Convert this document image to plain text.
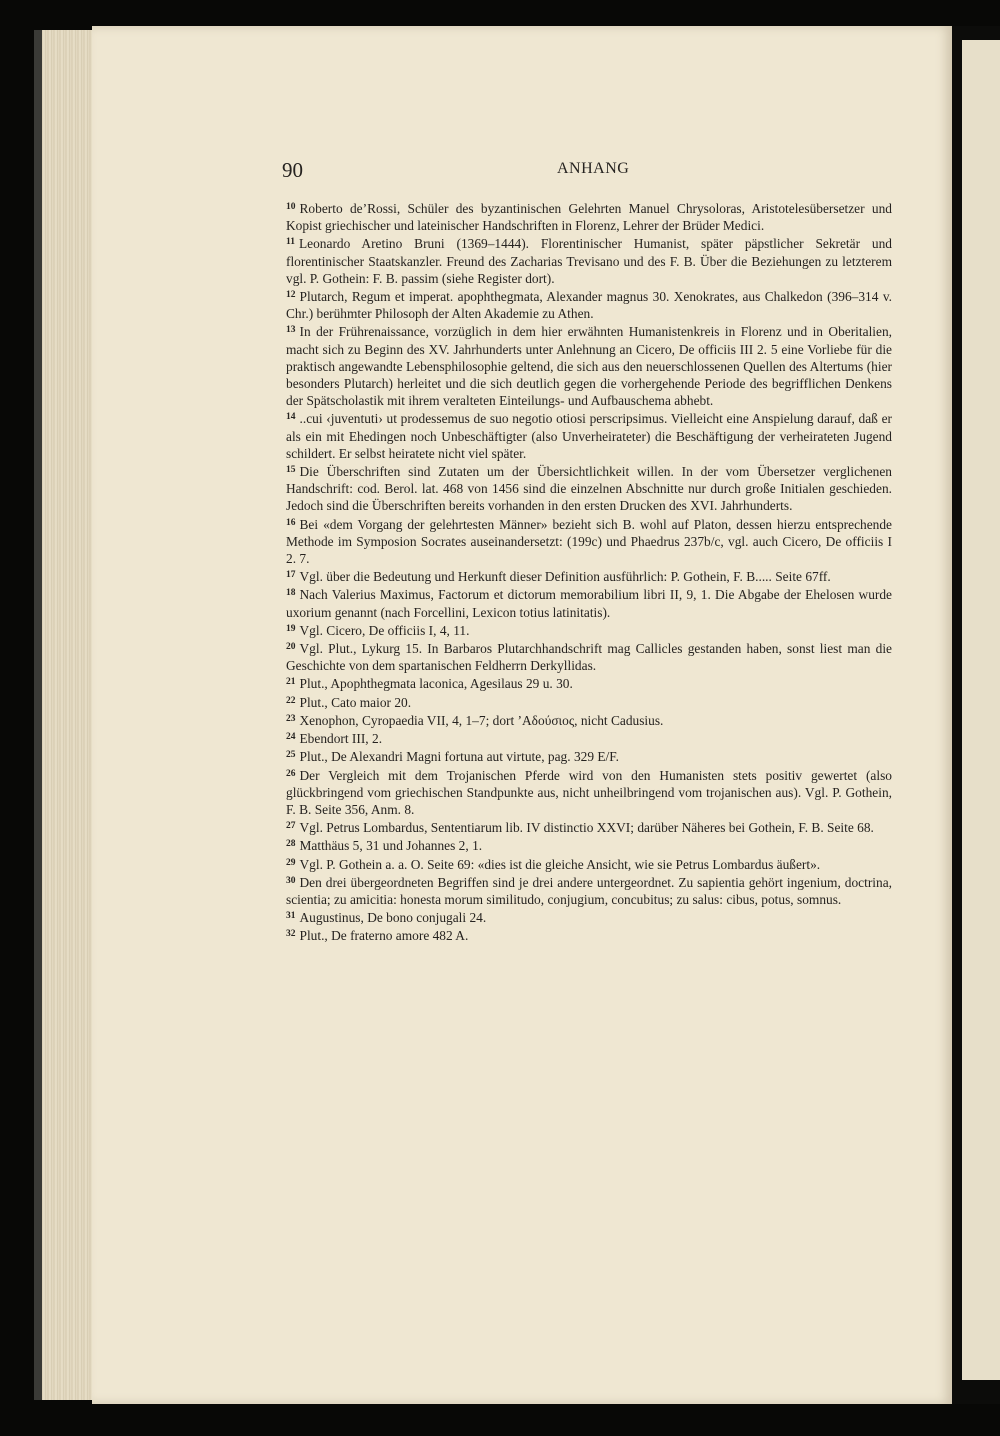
90	ANHANG

$^{10}$ Roberto de’Rossi, Schüler des byzantinischen Gelehrten Manuel Chrysoloras, Aristotelesübersetzer und Kopist griechischer und lateinischer Handschriften in Florenz, Lehrer der Brüder Medici.

$^{11}$ Leonardo Aretino Bruni (1369–1444). Florentinischer Humanist, später päpstlicher Sekretär und florentinischer Staatskanzler. Freund des Zacharias Trevisano und des F. B. Über die Beziehungen zu letzterem vgl. P. Gothein: F. B. passim (siehe Register dort).

$^{12}$ Plutarch, Regum et imperat. apophthegmata, Alexander magnus 30. Xenokrates, aus Chalkedon (396–314 v. Chr.) berühmter Philosoph der Alten Akademie zu Athen.

$^{13}$ In der Frührenaissance, vorzüglich in dem hier erwähnten Humanistenkreis in Florenz und in Oberitalien, macht sich zu Beginn des XV. Jahrhunderts unter Anlehnung an Cicero, De officiis III 2. 5 eine Vorliebe für die praktisch angewandte Lebensphilosophie geltend, die sich aus den neuerschlossenen Quellen des Altertums (hier besonders Plutarch) herleitet und die sich deutlich gegen die vorhergehende Periode des begrifflichen Denkens der Spätscholastik mit ihrem veralteten Einteilungs- und Aufbauschema abhebt.

$^{14}$ ..cui ‹juventuti› ut prodessemus de suo negotio otiosi perscripsimus. Vielleicht eine Anspielung darauf, daß er als ein mit Ehedingen noch Unbeschäftigter (also Unverheirateter) die Beschäftigung der verheirateten Jugend schildert. Er selbst heiratete nicht viel später.

$^{15}$ Die Überschriften sind Zutaten um der Übersichtlichkeit willen. In der vom Übersetzer verglichenen Handschrift: cod. Berol. lat. 468 von 1456 sind die einzelnen Abschnitte nur durch große Initialen geschieden. Jedoch sind die Überschriften bereits vorhanden in den ersten Drucken des XVI. Jahrhunderts.

$^{16}$ Bei «dem Vorgang der gelehrtesten Männer» bezieht sich B. wohl auf Platon, dessen hierzu entsprechende Methode im Symposion Socrates auseinandersetzt: (199c) und Phaedrus 237b/c, vgl. auch Cicero, De officiis I 2. 7.

$^{17}$ Vgl. über die Bedeutung und Herkunft dieser Definition ausführlich: P. Gothein, F. B..... Seite 67ff.

$^{18}$ Nach Valerius Maximus, Factorum et dictorum memorabilium libri II, 9, 1. Die Abgabe der Ehelosen wurde uxorium genannt (nach Forcellini, Lexicon totius latinitatis).

$^{19}$ Vgl. Cicero, De officiis I, 4, 11.

$^{20}$ Vgl. Plut., Lykurg 15. In Barbaros Plutarchhandschrift mag Callicles gestanden haben, sonst liest man die Geschichte von dem spartanischen Feldherrn Derkyllidas.

$^{21}$ Plut., Apophthegmata laconica, Agesilaus 29 u. 30.

$^{22}$ Plut., Cato maior 20.

$^{23}$ Xenophon, Cyropaedia VII, 4, 1–7; dort ’Αδούσιος, nicht Cadusius.

$^{24}$ Ebendort III, 2.

$^{25}$ Plut., De Alexandri Magni fortuna aut virtute, pag. 329 E/F.

$^{26}$ Der Vergleich mit dem Trojanischen Pferde wird von den Humanisten stets positiv gewertet (also glückbringend vom griechischen Standpunkte aus, nicht unheilbringend vom trojanischen aus). Vgl. P. Gothein, F. B. Seite 356, Anm. 8.

$^{27}$ Vgl. Petrus Lombardus, Sententiarum lib. IV distinctio XXVI; darüber Näheres bei Gothein, F. B. Seite 68.

$^{28}$ Matthäus 5, 31 und Johannes 2, 1.

$^{29}$ Vgl. P. Gothein a. a. O. Seite 69: «dies ist die gleiche Ansicht, wie sie Petrus Lombardus äußert».

$^{30}$ Den drei übergeordneten Begriffen sind je drei andere untergeordnet. Zu sapientia gehört ingenium, doctrina, scientia; zu amicitia: honesta morum similitudo, conjugium, concubitus; zu salus: cibus, potus, somnus.

$^{31}$ Augustinus, De bono conjugali 24.

$^{32}$ Plut., De fraterno amore 482 A.
